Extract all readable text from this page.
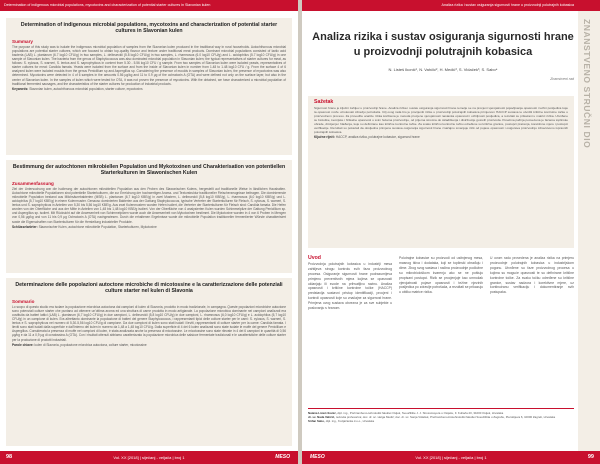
Determination of indigenous microbial populations, mycotoxins and characterization of potential starter cultures in Slavonian kulen
Determination of indigenous microbial populations, mycotoxins and characterization of potential starter cultures in Slavonian kulen
Summary
The purpose of this study was to isolate the indigenous microbial population of samples from the Slavonian kulen produced in the traditional way in rural households. Autochthonous microbial populations are potential starter cultures, which are focused to obtain top-quality flavour and texture under traditional meat products. Dominant microbial populations consisted of lactic acid bacteria (LAB) L. plantarum (6.7 log10 CFU/g) in two samples, L. delbrueckii (5.8 log10 CFU/g) in two samples, L. rhamnosus (6.0 log10 CFU/g) and L. acidophilus (5.7 log10 CFU/g) in one sample of Slavonian kulen. The bacteria from the genus of Staphylococcus was also dominated microbial population in Slavonian kulen; the typical representatives of starter cultures for meat, as follows: S. xylosus, S. warneri, S. lentus and S. saprophyticus in content from 5.30 - 5.56 log10 CFU / g sample. From two samples of Slavonian kulen were isolated yeasts, representatives of starter cultures for meat: Candida famata. Yeasts were isolated from the surface and from the inside of Slavonian kulen in number from 1.48 to 1.48 log10 CFU / g. From the surface 4 of 6 analyzed kulen were isolated moulds from the genus Penicillium sp and Aspergillus sp. Considering the presence of moulds in samples of Slavonian kulen, the presence of mycotoxins was also determined. Mycotoxins were detected in 4 of 6 samples in the amounts 0.56 µg/kg and 11 to 0.9 µg of the ochratoxin A (OTA) and were defined not only on the surface layer, but also in the center of Slavonian kulen. In the samples of kulen which were tested for OTA, it was not proven the presence of mycotoxins. With the obtained, we have characterized a microbial population of traditional fermented sausages, and the characteristics of the starter cultures for production of industrial products.
Keywords: Slavonian kulen, autochthonous microbial population, starter culture, mycotoxins
Bestimmung der autochtonen mikrobiellen Population und Mykotoxinen und Charakterisation von potentiellen Starterkulturen im Slawonischen Kulen
Zusammenfassung
Ziel der Untersuchung war die Isolierung der autochtonen mikrobiellen Population aus den Proben des Slawonischen Kulens, hergestellt auf traditionelle Weise in ländlichen Haushalten. Autochtone mikrobielle Populationen sind potentielle Starterkulturen, die zur Erreichung der hochwertigen Aroma- und Texturstruktur traditioneller Fleischerzeugnisse beitragen. Die dominierende mikrobielle Population bestand aus Milchsäurebakterien (MSB) L. plantarum (6,7 log10 KBE/g) in zwei Mustern, L. delbrueckii (5,8 log10 KBE/g), L. rhamnosus (6,0 log10 KBE/g) und L. acidophilus (5,7 log10 KBE/g) in einem Kulenmuster. Genauso dominierten Bakterien aus der Gattung Staphylococcus, typische Vertreter der Starterkulturen für Fleisch, S. xylosus, S. warneri, S. lentus und S. saprophyticus in Anteilen von 5,30 bis 5,56 log10 KBE/g. Aus zwei Kulenmustern wurden Hefen isoliert, die Vertreter der Starterkulturen für Fleisch sind: Candida famata. Die Hefen wurden von der Oberfläche und aus der Mitte in Anteilen von 1,48 bis 1,48 log10 KBE/g isoliert. Von der Oberfläche von 4 analysierten Kulen wurden Schimmelpilze der Gattung Penicillium sp. und Aspergillus sp. isoliert. Mit Rücksicht auf die Anwesenheit von Schimmelpilzen wurde auch die Anwesenheit von Mykotoxinen bestimmt. Die Mykotoxine wurden in 4 von 6 Proben in Mengen von 0,56 µg/kg und von 11 bis 0,9 µg Ochratoxin A (OTA) nachgewiesen. Durch die erhaltenen Ergebnisse wurde die mikrobielle Population traditioneller fermentierter Würste charakterisiert sowie die Eigenschaften von Starterkulturen für die Herstellung industrieller Produkte.
Schlüsselwörter: Slawonischer Kulen, autochtone mikrobielle Population, Starterkulturen, Mykotoxine
Determinazione delle popolazioni autoctone microbiche di micotossine e la caratterizzazione delle potenziali culture starter nel kulen di Slavonia
Sommario
Lo scopo di questo studio era isolare la popolazione microbica autoctona dai campioni di kulen di Slavonia, prodotto in modo tradizionale, in campagna. Queste popolazioni microbiche autoctone sono potenziali culture starter che puntano ad ottenere un'ottima aroma ed una struttura di carne prodotta in modo artigianale. La popolazione microbica dominante nei campioni analizzati era costituita da batteri lattici (LAB) L. plantarum (6,7 log10 CFU/g) in due campioni, L. delbrueckii (5,8 log10 CFU/g) in due campioni, L. rhamnosus (6,0 log10 CFU/g) e L. acidophilus (5,7 log10 CFU/g) in un campione di kulen. Era altrettanto dominante la popolazione di batteri del genere Staphylococcus, i rappresentanti tipici delle colture starter per le carni: S. xylosus, S. warneri, S. lentus e S. saprophyticus nel numero di 5,30-5,56 log10 CFU/g di campione. Da due campioni di kulen sono stati isolati i lieviti, rappresentanti di colture starter per la carne: Candida famata. I lieviti sono stati isolati dalla superficie e dall'interno del kulen in numero da 1,48 a 1,48 log10 CFU/g. Dalla superficie di 4 dei 6 kulen analizzati sono state isolate le muffe del genere Penicillium e Aspergillus. Considerata la presenza di muffe nei campioni di kulen, è stata analizzata anche la presenza di micotossine. Le micotossine sono state rilevate in 4 dei 6 campioni in quantità di 0,56 µg/kg e da 11 a 0,9 µg di ocratossina A (OTA). Con i risultati ottenuti abbiamo caratterizzato la popolazione microbica delle salsicce fermentate tradizionali e le caratteristiche delle colture starter per la produzione di prodotti industriali.
Parole chiave: kulen di Slavonia, popolazione microbica autoctona, colture starter, micotossine
Vol. XX [2018] | siječanj - veljača | broj 1
98	MESO
Analiza rizika i sustav osiguranja sigurnosti hrane u proizvodnji polutrajnih kobasica
ZNANSTVENO STRUČNI DIO
Analiza rizika i sustav osiguranja sigurnosti hrane u proizvodnji polutrajnih kobasica
N. Listeš Ikonić¹, N. Vahčić², H. Medić³, S. Vidaček³, S. Sabo⁴
Znanstveni rad
Sažetak
Sigurnost hrane je ključni zahtjev u proizvodnji hrane. Analiza rizika i sustav osiguranja sigurnosti hrane temelje se na procjeni vjerojatnosti pojavljivanja opasnosti i težini posljedica koje ta opasnost može uzrokovati zdravlju potrošača. Cilj ovog rada bio je procijeniti rizike u proizvodnji polutrajnih kobasica primjenom HACCP sustava te utvrditi kritične kontrolne točke u proizvodnom procesu. Za provedbu analize rizika korištena je metoda procjene vjerojatnosti nastanka opasnosti i ozbiljnosti posljedica, a rezultati su prikazani u matrici rizika. Utvrđene su biološke, kemijske i fizikalne opasnosti u svim fazama proizvodnje, od prijema sirovina do skladištenja i distribucije gotovih proizvoda. Posebna pažnja posvećena je fazama toplinske obrade, dimljenja i hlađenja, koje su definirane kao kritične kontrolne točke. Za svaku kritičnu kontrolnu točku određene su kritične granice, postupci praćenja, korektivne mjere i postupci verifikacije. Rezultati su pokazali da dosljedna primjena sustava osiguranja sigurnosti hrane značajno smanjuje rizik od pojave opasnosti i osigurava proizvodnju zdravstveno ispravnih polutrajnih kobasica.
Ključne riječi: HACCP, analiza rizika, polutrajne kobasice, sigurnost hrane
Uvod
Proizvodnja polutrajnih kobasica u industriji mesa zahtijeva strogu kontrolu svih faza proizvodnog procesa. Osiguranje sigurnosti hrane podrazumijeva primjenu preventivnih mjera kojima se opasnosti uklanjaju ili svode na prihvatljivu razinu. Analiza opasnosti i kritične kontrolne točke (HACCP) predstavlja sustavni pristup identifikaciji, procjeni i kontroli opasnosti koje su značajne za sigurnost hrane. Primjena ovog sustava obvezna je za sve subjekte u poslovanju s hranom.
Polutrajne kobasice su proizvodi od usitnjenog mesa, masnog tkiva i dodataka, koji se toplinski obrađuju i dime. Zbog svog sastava i načina proizvodnje podložne su mikrobiološkom kvarenju ako se ne poštuju propisani postupci. Rizik se procjenjuje kao umnožak vjerojatnosti pojave opasnosti i težine njezinih posljedica po zdravlje potrošača, a rezultati se prikazuju u obliku matrice rizika.
U ovom radu provedena je analiza rizika na primjeru proizvodnje polutrajnih kobasica u industrijskom pogonu. Utvrđene su faze proizvodnog procesa u kojima su moguće opasnosti te su definirane kritične kontrolne točke. Za svaku točku određene su kritične granice, sustav nadzora i korektivne mjere, uz kontinuiranu verifikaciju i dokumentiranje svih postupaka.
Nataša Listeš Ikonić, dipl. ing., Prehrambeno-tehnološki fakultet Osijek, Sveučilište J. J. Strossmayera u Osijeku, F. Kuhača 20, 31000 Osijek, Hrvatska
dr. sc. Nada Vahčić, redovita profesorica; doc. dr. sc. Helga Medić; doc. dr. sc. Sanja Vidaček, Prehrambeno-biotehnološki fakultet Sveučilišta u Zagrebu, Pierottijeva 6, 10000 Zagreb, Hrvatska
Srđan Sabo, dipl. ing., Kozjačanka d.o.o., Hrvatska
Vol. XX [2018] | siječanj - veljača | broj 1
MESO	99
